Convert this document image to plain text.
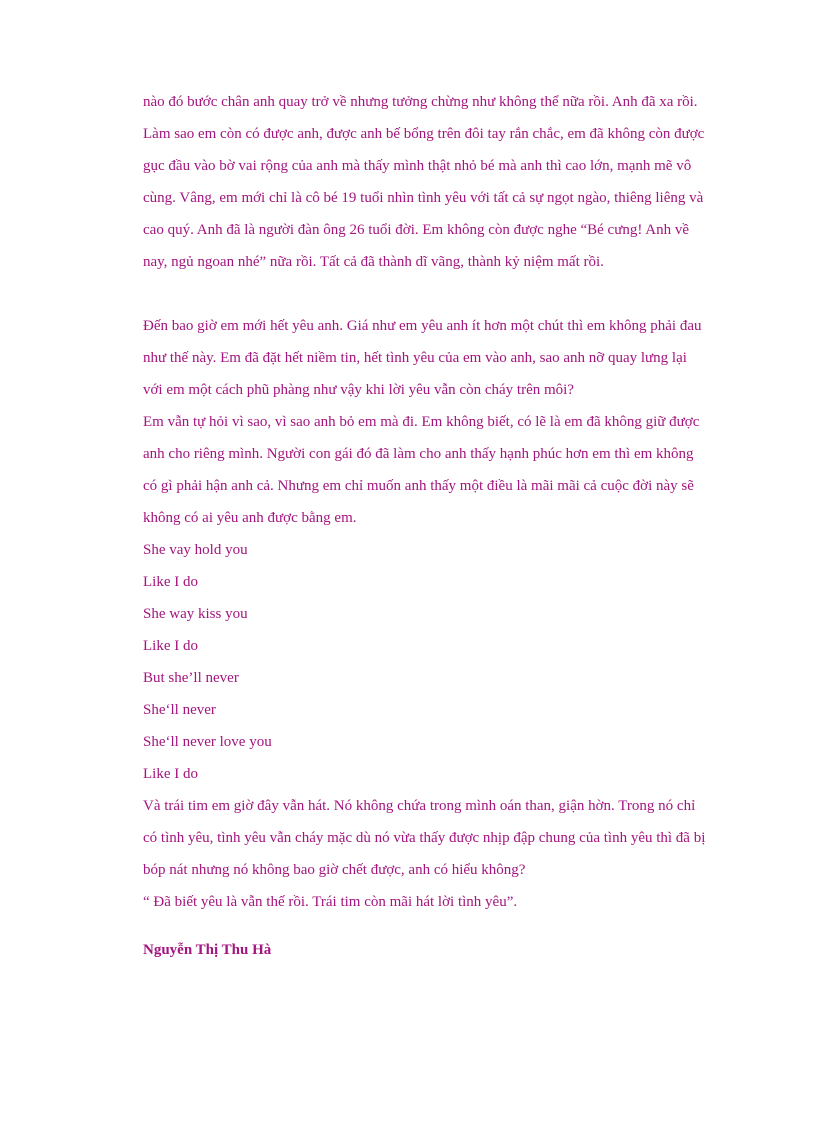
nào đó bước chân anh quay trở về nhưng tưởng chừng như không thể nữa rồi. Anh đã xa rồi.
Làm sao em còn có được anh, được anh bế bổng trên đôi tay rắn chắc, em đã không còn được
gục đầu vào bờ vai rộng của anh mà thấy mình thật nhỏ bé mà anh thì cao lớn, mạnh mẽ vô
cùng. Vâng, em mới chỉ là cô bé 19 tuổi nhìn tình yêu với tất cả sự ngọt ngào, thiêng liêng và
cao quý. Anh đã là người đàn ông 26 tuổi đời. Em không còn được nghe “Bé cưng! Anh về
nay, ngủ ngoan nhé” nữa rồi. Tất cả đã thành dĩ vãng, thành kỷ niệm mất rồi.
Đến bao giờ em mới hết yêu anh. Giá như em yêu anh ít hơn một chút thì em không phải đau
như thế này. Em đã đặt hết niềm tin, hết tình yêu của em vào anh, sao anh nỡ quay lưng lại
với em một cách phũ phàng như vậy khi lời yêu vẫn còn cháy trên môi?
Em vẫn tự hỏi vì sao, vì sao anh bỏ em mà đi. Em không biết, có lẽ là em đã không giữ được
anh cho riêng mình. Người con gái đó đã làm cho anh thấy hạnh phúc hơn em thì em không
có gì phải hận anh cả. Nhưng em chỉ muốn anh thấy một điều là mãi mãi cả cuộc đời này sẽ
không có ai yêu anh được bằng em.
She vay hold you
Like I do
She way kiss you
Like I do
But she’ll never
She‘ll never
She‘ll never love you
Like I do
Và trái tim em giờ đây vẫn hát. Nó không chứa trong mình oán than, giận hờn. Trong nó chỉ
có tình yêu, tình yêu vẫn cháy mặc dù nó vừa thấy được nhịp đập chung của tình yêu thì đã bị
bóp nát nhưng nó không bao giờ chết được, anh có hiểu không?
“ Đã biết yêu là vẫn thế rồi. Trái tim còn mãi hát lời tình yêu”.
Nguyễn Thị Thu Hà
